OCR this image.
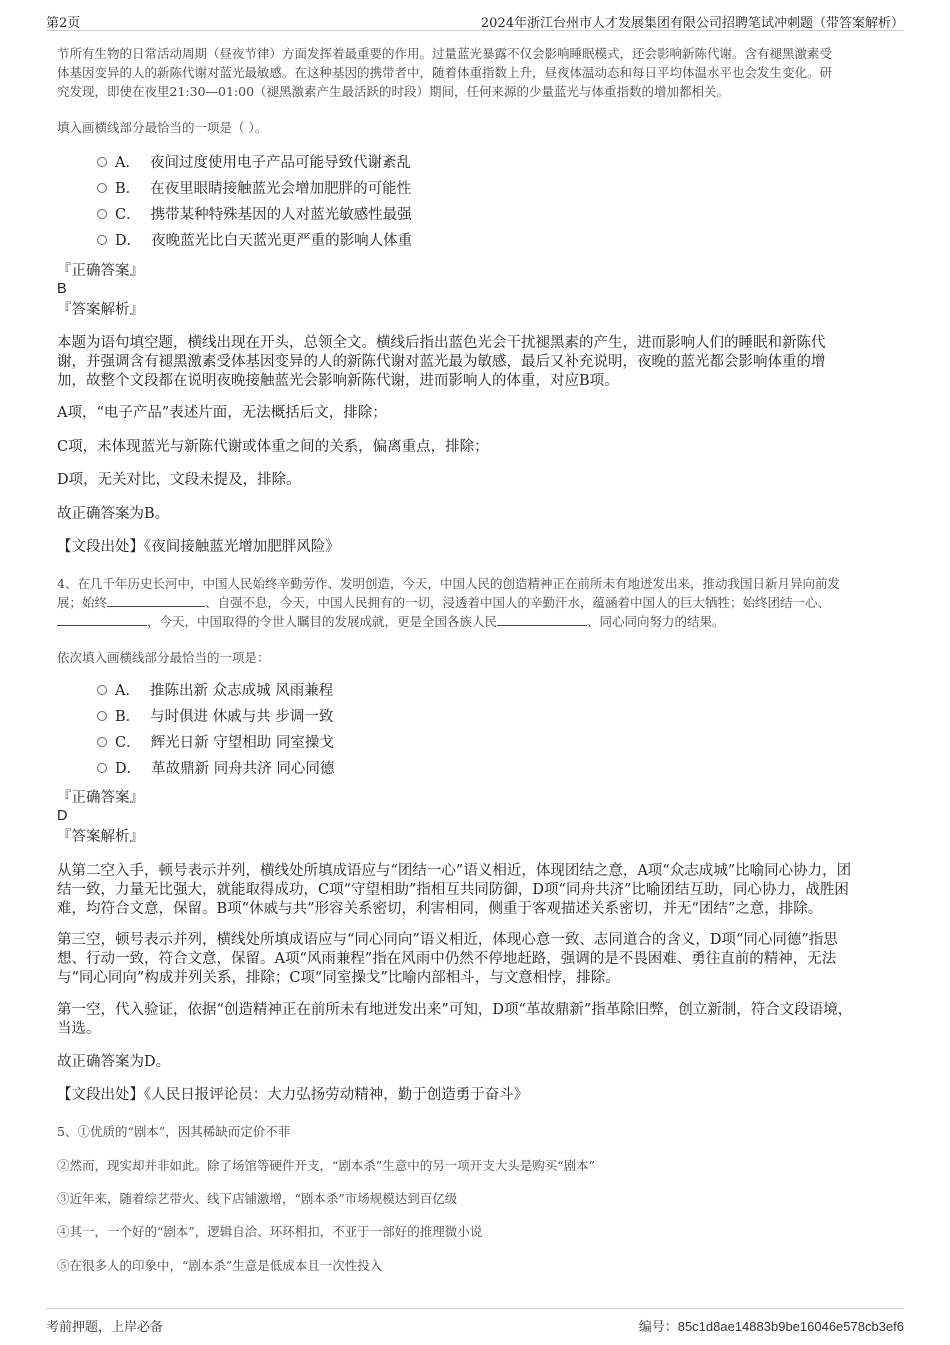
第2页	2024年浙江台州市人才发展集团有限公司招聘笔试冲刺题（带答案解析）
节所有生物的日常活动周期（昼夜节律）方面发挥着最重要的作用。过量蓝光暴露不仅会影响睡眠模式，还会影响新陈代谢。含有褪黑激素受
体基因变异的人的新陈代谢对蓝光最敏感。在这种基因的携带者中，随着体重指数上升，昼夜体温动态和每日平均体温水平也会发生变化。研
究发现，即使在夜里21:30—01:00（褪黑激素产生最活跃的时段）期间，任何来源的少量蓝光与体重指数的增加都相关。
填入画横线部分最恰当的一项是（ ）。
A． 夜间过度使用电子产品可能导致代谢紊乱
B． 在夜里眼睛接触蓝光会增加肥胖的可能性
C． 携带某种特殊基因的人对蓝光敏感性最强
D． 夜晚蓝光比白天蓝光更严重的影响人体重
『正确答案』
B
『答案解析』
本题为语句填空题，横线出现在开头，总领全文。横线后指出蓝色光会干扰褪黑素的产生，进而影响人们的睡眠和新陈代
谢，并强调含有褪黑激素受体基因变异的人的新陈代谢对蓝光最为敏感，最后又补充说明，夜晚的蓝光都会影响体重的增
加，故整个文段都在说明夜晚接触蓝光会影响新陈代谢，进而影响人的体重，对应B项。
A项，“电子产品”表述片面，无法概括后文，排除；
C项，未体现蓝光与新陈代谢或体重之间的关系，偏离重点，排除；
D项，无关对比，文段未提及，排除。
故正确答案为B。
【文段出处】《夜间接触蓝光增加肥胖风险》
4、在几千年历史长河中，中国人民始终辛勤劳作、发明创造，今天，中国人民的创造精神正在前所未有地迸发出来，推动我国日新月异向前发
展；始终	、自强不息，今天，中国人民拥有的一切，浸透着中国人的辛勤汗水，蕴涵着中国人的巨大牺牲；始终团结一心、
，今天，中国取得的令世人瞩目的发展成就，更是全国各族人民	、同心同向努力的结果。
依次填入画横线部分最恰当的一项是：
A． 推陈出新 众志成城 风雨兼程
B． 与时俱进 休戚与共 步调一致
C． 辉光日新 守望相助 同室操戈
D． 革故鼎新 同舟共济 同心同德
『正确答案』
D
『答案解析』
从第二空入手，顿号表示并列，横线处所填成语应与“团结一心”语义相近，体现团结之意，A项“众志成城”比喻同心协力，团
结一致，力量无比强大，就能取得成功，C项“守望相助”指相互共同防御，D项“同舟共济”比喻团结互助，同心协力，战胜困
难，均符合文意，保留。B项“休戚与共”形容关系密切，利害相同，侧重于客观描述关系密切，并无“团结”之意，排除。
第三空，顿号表示并列，横线处所填成语应与“同心同向”语义相近，体现心意一致、志同道合的含义，D项“同心同德”指思
想、行动一致，符合文意，保留。A项“风雨兼程”指在风雨中仍然不停地赶路，强调的是不畏困难、勇往直前的精神，无法
与“同心同向”构成并列关系，排除；C项“同室操戈”比喻内部相斗，与文意相悖，排除。
第一空，代入验证，依据“创造精神正在前所未有地迸发出来”可知，D项“革故鼎新”指革除旧弊，创立新制，符合文段语境，
当选。
故正确答案为D。
【文段出处】《人民日报评论员：大力弘扬劳动精神，勤于创造勇于奋斗》
5、①优质的“剧本”，因其稀缺而定价不菲
②然而，现实却并非如此。除了场馆等硬件开支，“剧本杀”生意中的另一项开支大头是购买“剧本”
③近年来，随着综艺带火、线下店铺激增，“剧本杀”市场规模达到百亿级
④其一，一个好的“剧本”，逻辑自洽、环环相扣，不亚于一部好的推理微小说
⑤在很多人的印象中，“剧本杀”生意是低成本且一次性投入
考前押题，上岸必备	编号：85c1d8ae14883b9be16046e578cb3ef6
